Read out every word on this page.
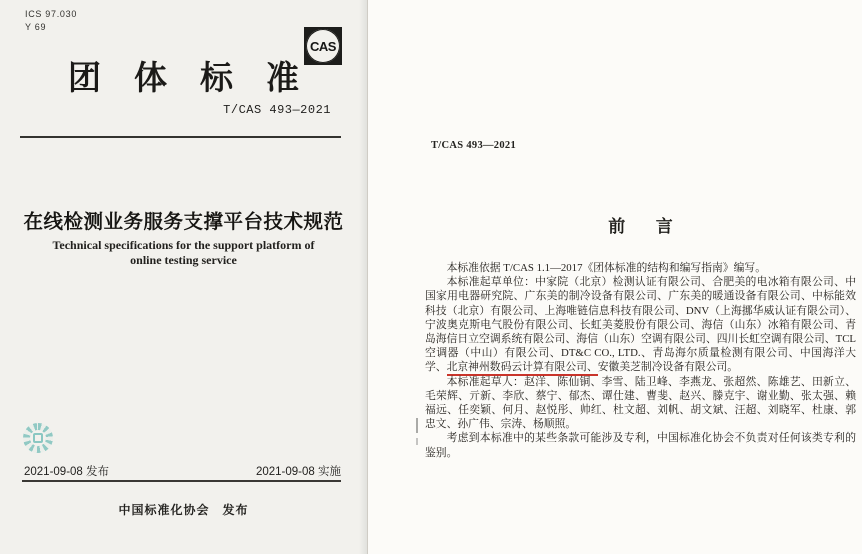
ICS 97.030
Y 69
CAS
团体标准
T/CAS 493—2021
在线检测业务服务支撑平台技术规范
Technical specifications for the support platform of
online testing service
2021-09-08 发布	2021-09-08 实施
中国标准化协会　发布
T/CAS 493—2021
前言

本标准依据 T/CAS 1.1—2017《团体标准的结构和编写指南》编写。

本标准起草单位：中家院（北京）检测认证有限公司、合肥美的电冰箱有限公司、中国家用电器研究院、广东美的制冷设备有限公司、广东美的暖通设备有限公司、中标能效科技（北京）有限公司、上海唯链信息科技有限公司、DNV（上海挪华威认证有限公司）、宁波奥克斯电气股份有限公司、长虹美菱股份有限公司、海信（山东）冰箱有限公司、青岛海信日立空调系统有限公司、海信（山东）空调有限公司、四川长虹空调有限公司、TCL 空调器（中山）有限公司、DT&C CO., LTD.、青岛海尔质量检测有限公司、中国海洋大学、北京神州数码云计算有限公司、安徽美芝制冷设备有限公司。

本标准起草人：赵洋、陈仙铜、李雪、陆卫峰、李燕龙、张超然、陈雄艺、田新立、毛荣辉、亓新、李欣、蔡宁、郁杰、谭仕建、曹斐、赵兴、滕克宇、谢业勤、张太强、赖福远、任奕颖、何月、赵悦彤、帅红、杜文超、刘帆、胡文斌、汪超、刘晓军、杜康、郭忠文、孙广伟、宗涛、杨顺照。

考虑到本标准中的某些条款可能涉及专利，中国标准化协会不负责对任何该类专利的鉴别。
